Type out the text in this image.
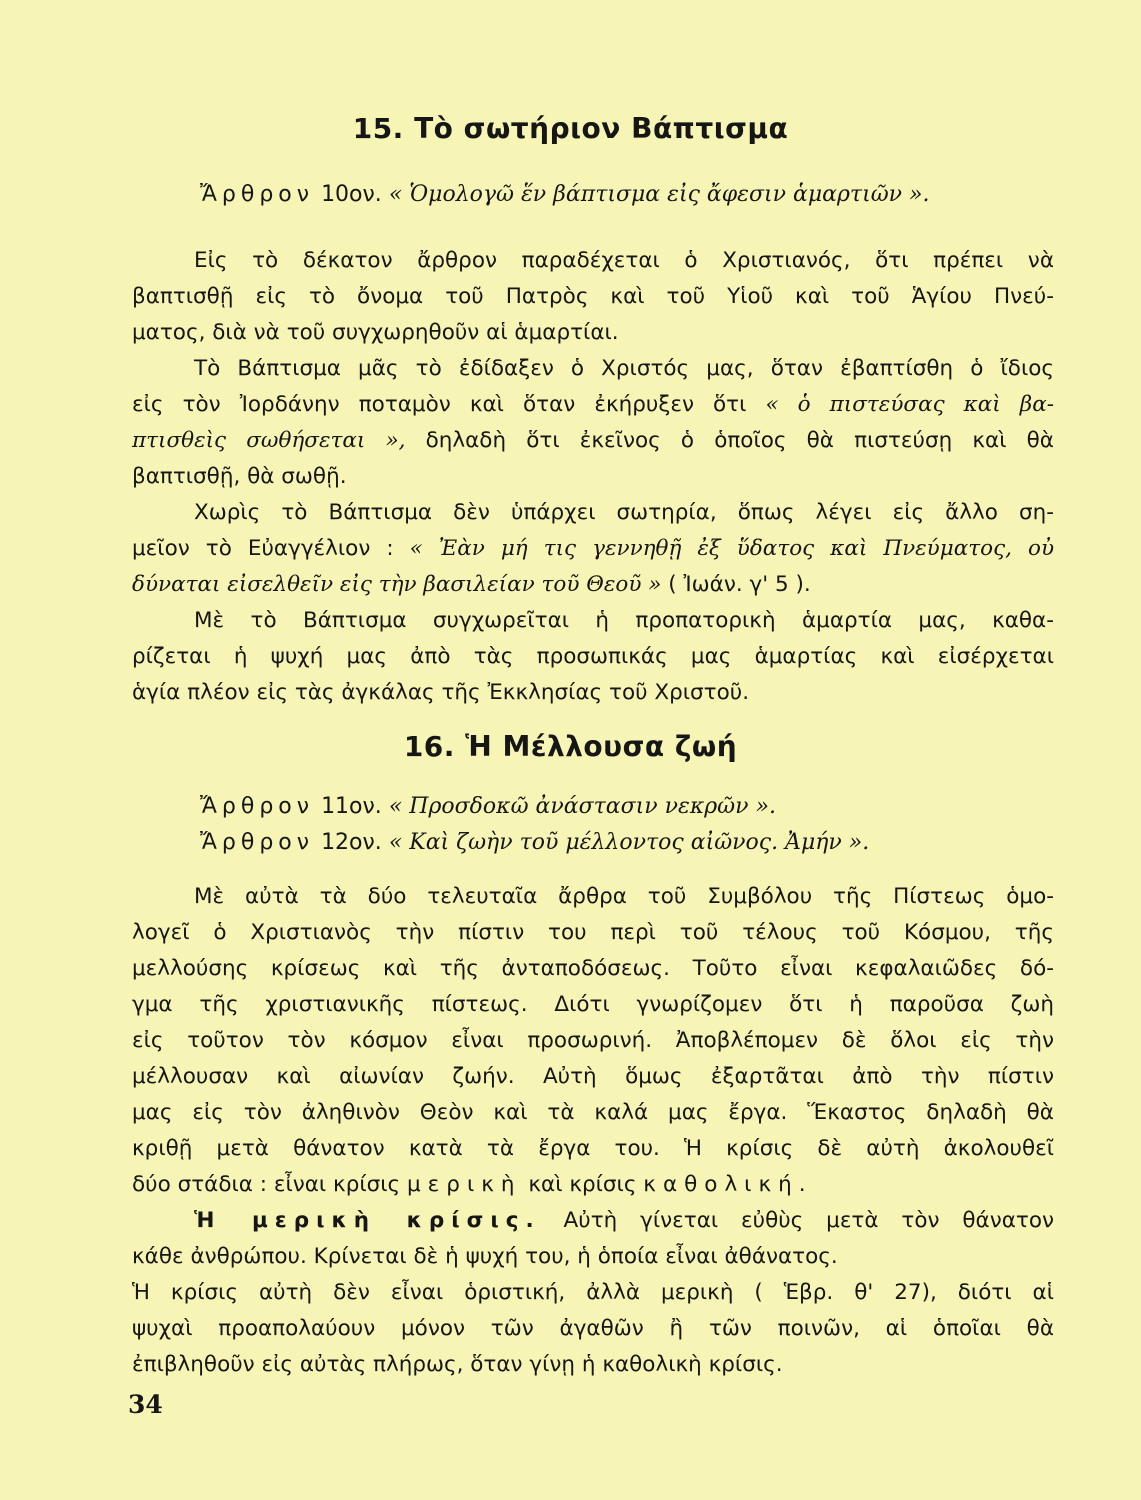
15. Τὸ σωτήριον Βάπτισμα
Ἄρθρον 10ον. « Ὁμολογῶ ἕν βάπτισμα εἰς ἄφεσιν ἁμαρτιῶν ».
Εἰς τὸ δέκατον ἄρθρον παραδέχεται ὁ Χριστιανός, ὅτι πρέπει νὰ
βαπτισθῇ εἰς τὸ ὄνομα τοῦ Πατρὸς καὶ τοῦ Υἱοῦ καὶ τοῦ Ἁγίου Πνεύ-
ματος, διὰ νὰ τοῦ συγχωρηθοῦν αἱ ἁμαρτίαι.
Τὸ Βάπτισμα μᾶς τὸ ἐδίδαξεν ὁ Χριστός μας, ὅταν ἐβαπτίσθη ὁ ἴδιος
εἰς τὸν Ἰορδάνην ποταμὸν καὶ ὅταν ἐκήρυξεν ὅτι « ὁ πιστεύσας καὶ βα-
πτισθεὶς σωθήσεται », δηλαδὴ ὅτι ἐκεῖνος ὁ ὁποῖος θὰ πιστεύσῃ καὶ θὰ
βαπτισθῇ, θὰ σωθῇ.
Χωρὶς τὸ Βάπτισμα δὲν ὑπάρχει σωτηρία, ὅπως λέγει εἰς ἄλλο ση-
μεῖον τὸ Εὐαγγέλιον : « Ἐὰν μή τις γεννηθῇ ἐξ ὕδατος καὶ Πνεύματος, οὐ
δύναται εἰσελθεῖν εἰς τὴν βασιλείαν τοῦ Θεοῦ » ( Ἰωάν. γ' 5 ).
Μὲ τὸ Βάπτισμα συγχωρεῖται ἡ προπατορικὴ ἁμαρτία μας, καθα-
ρίζεται ἡ ψυχή μας ἀπὸ τὰς προσωπικάς μας ἁμαρτίας καὶ εἰσέρχεται
ἁγία πλέον εἰς τὰς ἀγκάλας τῆς Ἐκκλησίας τοῦ Χριστοῦ.
16. Ἡ Μέλλουσα ζωή
Ἄρθρον 11ον. « Προσδοκῶ ἀνάστασιν νεκρῶν ».
Ἄρθρον 12ον. « Καὶ ζωὴν τοῦ μέλλοντος αἰῶνος. Ἀμήν ».
Μὲ αὐτὰ τὰ δύο τελευταῖα ἄρθρα τοῦ Συμβόλου τῆς Πίστεως ὁμο-
λογεῖ ὁ Χριστιανὸς τὴν πίστιν του περὶ τοῦ τέλους τοῦ Κόσμου, τῆς
μελλούσης κρίσεως καὶ τῆς ἀνταποδόσεως. Τοῦτο εἶναι κεφαλαιῶδες δό-
γμα τῆς χριστιανικῆς πίστεως. Διότι γνωρίζομεν ὅτι ἡ παροῦσα ζωὴ
εἰς τοῦτον τὸν κόσμον εἶναι προσωρινή. Ἀποβλέπομεν δὲ ὅλοι εἰς τὴν
μέλλουσαν καὶ αἰωνίαν ζωήν. Αὐτὴ ὅμως ἐξαρτᾶται ἀπὸ τὴν πίστιν
μας εἰς τὸν ἀληθινὸν Θεὸν καὶ τὰ καλά μας ἔργα. Ἕκαστος δηλαδὴ θὰ
κριθῇ μετὰ θάνατον κατὰ τὰ ἔργα του. Ἡ κρίσις δὲ αὐτὴ ἀκολουθεῖ
δύο στάδια : εἶναι κρίσις μερικὴ καὶ κρίσις καθολική.
Ἡ μερικὴ κρίσις. Αὐτὴ γίνεται εὐθὺς μετὰ τὸν θάνατον
κάθε ἀνθρώπου. Κρίνεται δὲ ἡ ψυχή του, ἡ ὁποία εἶναι ἀθάνατος.
Ἡ κρίσις αὐτὴ δὲν εἶναι ὁριστική, ἀλλὰ μερικὴ ( Ἑβρ. θ' 27), διότι αἱ
ψυχαὶ προαπολαύουν μόνον τῶν ἀγαθῶν ἢ τῶν ποινῶν, αἱ ὁποῖαι θὰ
ἐπιβληθοῦν εἰς αὐτὰς πλήρως, ὅταν γίνῃ ἡ καθολικὴ κρίσις.
34
